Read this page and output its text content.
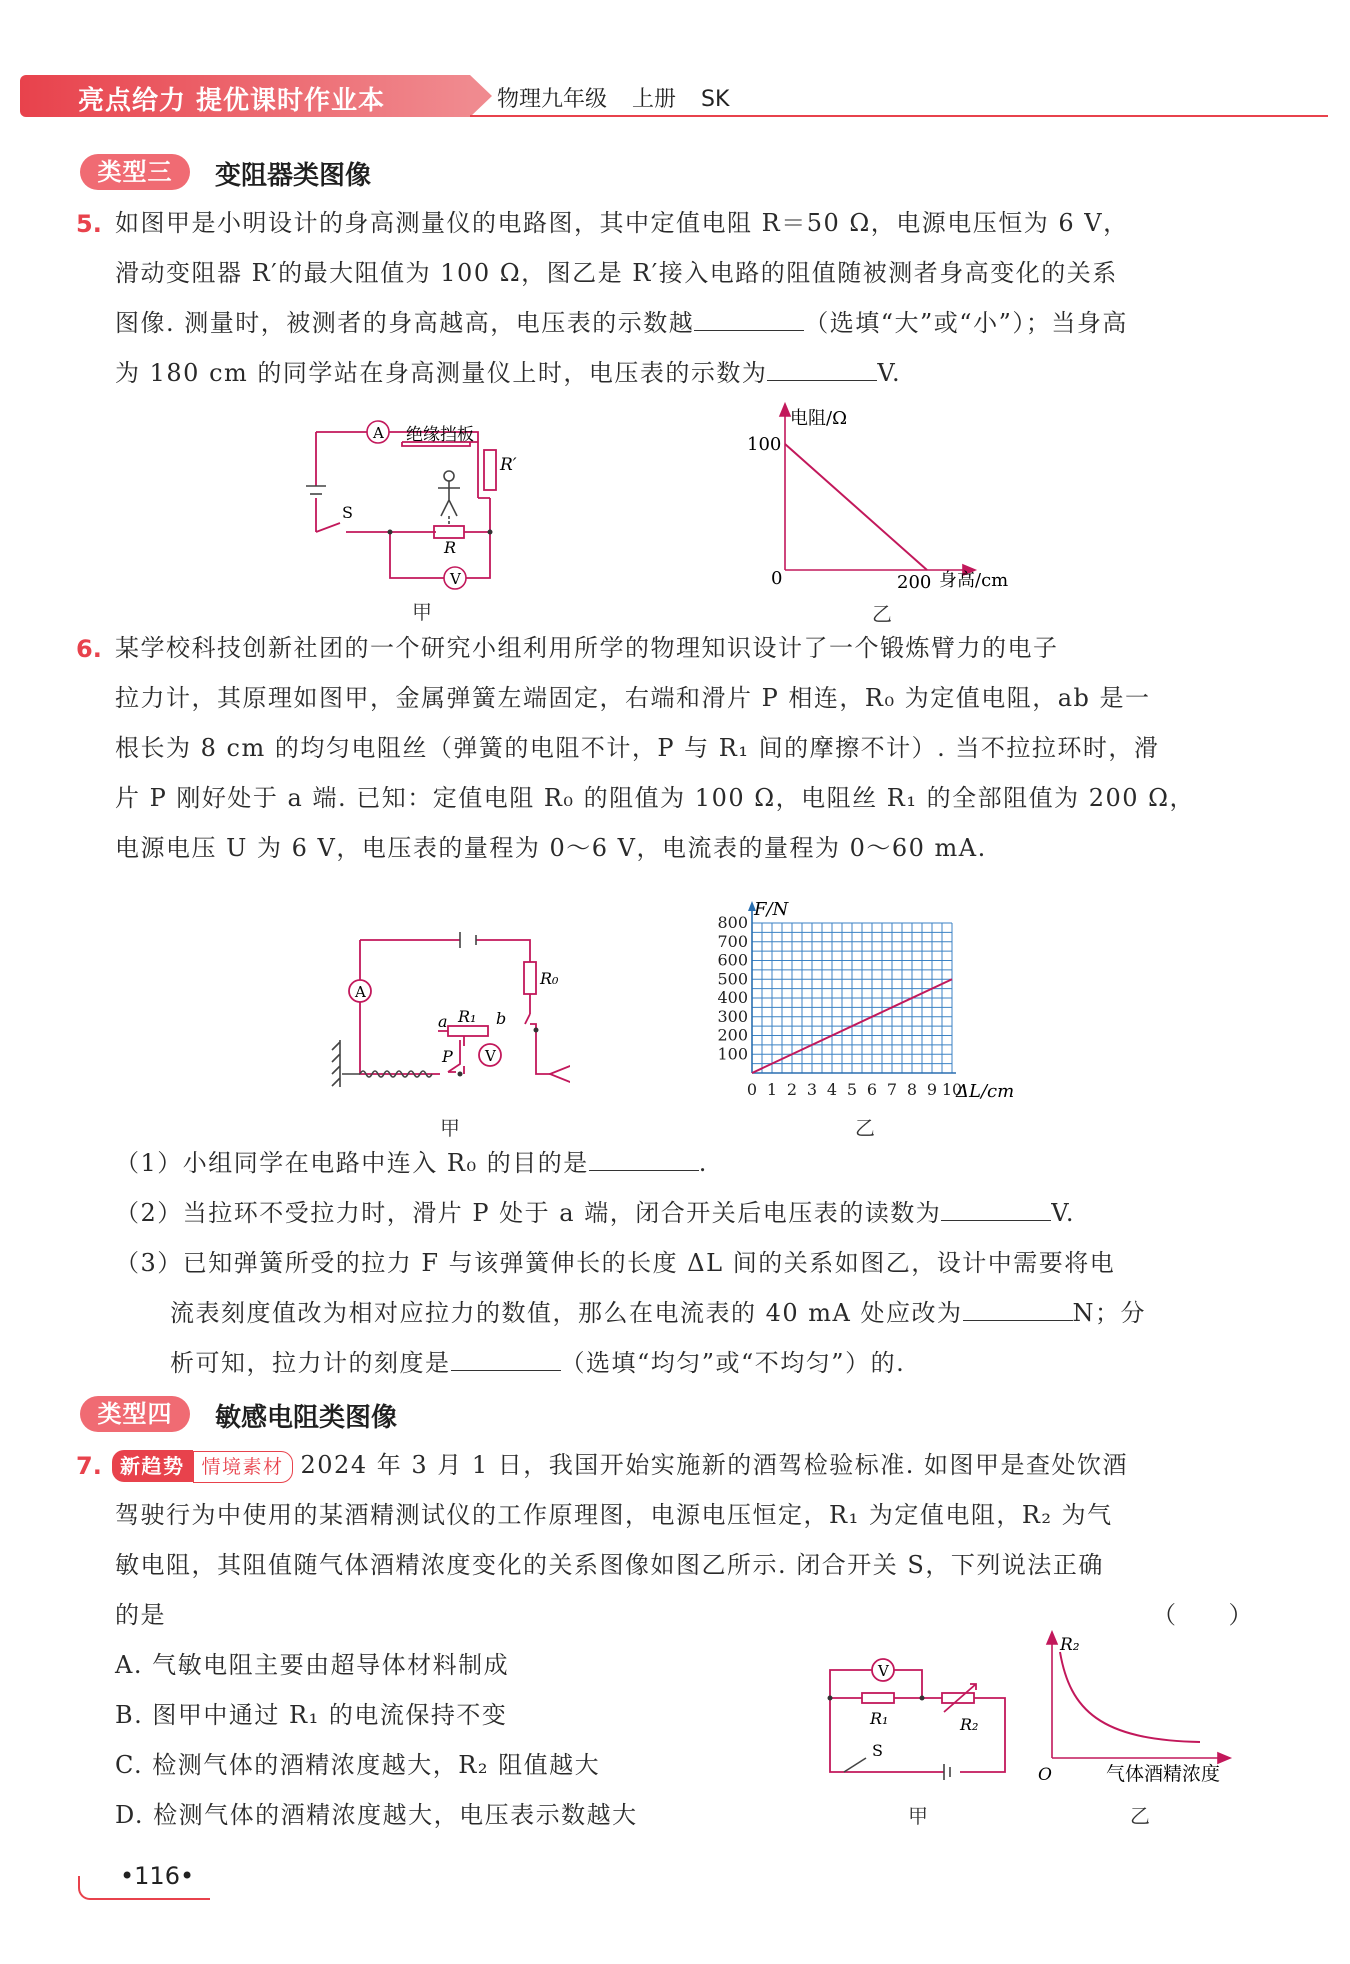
亮点给力 提优课时作业本	物理九年级 上册 SK
类型三	变阻器类图像
5. 如图甲是小明设计的身高测量仪的电路图，其中定值电阻 R＝50 Ω，电源电压恒为 6 V，
滑动变阻器 R′的最大阻值为 100 Ω，图乙是 R′接入电路的阻值随被测者身高变化的关系
图像. 测量时，被测者的身高越高，电压表的示数越	（选填“大”或“小”）；当身高
为 180 cm 的同学站在身高测量仪上时，电压表的示数为	V.
A
V
绝缘挡板
R′
R
S
甲
电阻/Ω
100
0	200 身高/cm
乙
6. 某学校科技创新社团的一个研究小组利用所学的物理知识设计了一个锻炼臂力的电子
拉力计，其原理如图甲，金属弹簧左端固定，右端和滑片 P 相连，R₀ 为定值电阻，ab 是一
根长为 8 cm 的均匀电阻丝（弹簧的电阻不计，P 与 R₁ 间的摩擦不计）. 当不拉拉环时，滑
片 P 刚好处于 a 端. 已知：定值电阻 R₀ 的阻值为 100 Ω，电阻丝 R₁ 的全部阻值为 200 Ω，
电源电压 U 为 6 V，电压表的量程为 0～6 V，电流表的量程为 0～60 mA.
A
V
R₀
R₁
a	b
P
甲
100
200
300
400
500
600
700
800
0 1 2 3 4 5 6 7 8 9 10
F/N
ΔL/cm
乙
（1）小组同学在电路中连入 R₀ 的目的是	.
（2）当拉环不受拉力时，滑片 P 处于 a 端，闭合开关后电压表的读数为	V.
（3）已知弹簧所受的拉力 F 与该弹簧伸长的长度 ΔL 间的关系如图乙，设计中需要将电
流表刻度值改为相对应拉力的数值，那么在电流表的 40 mA 处应改为	N；分
析可知，拉力计的刻度是	（选填“均匀”或“不均匀”）的.
类型四	敏感电阻类图像
7. 新趋势 情境素材 2024 年 3 月 1 日，我国开始实施新的酒驾检验标准. 如图甲是查处饮酒
驾驶行为中使用的某酒精测试仪的工作原理图，电源电压恒定，R₁ 为定值电阻，R₂ 为气
敏电阻，其阻值随气体酒精浓度变化的关系图像如图乙所示. 闭合开关 S，下列说法正确
的是	（　　）
A. 气敏电阻主要由超导体材料制成
B. 图甲中通过 R₁ 的电流保持不变
C. 检测气体的酒精浓度越大，R₂ 阻值越大
D. 检测气体的酒精浓度越大，电压表示数越大
V
R₁	R₂
S
甲
R₂
O	气体酒精浓度
乙
•116•
